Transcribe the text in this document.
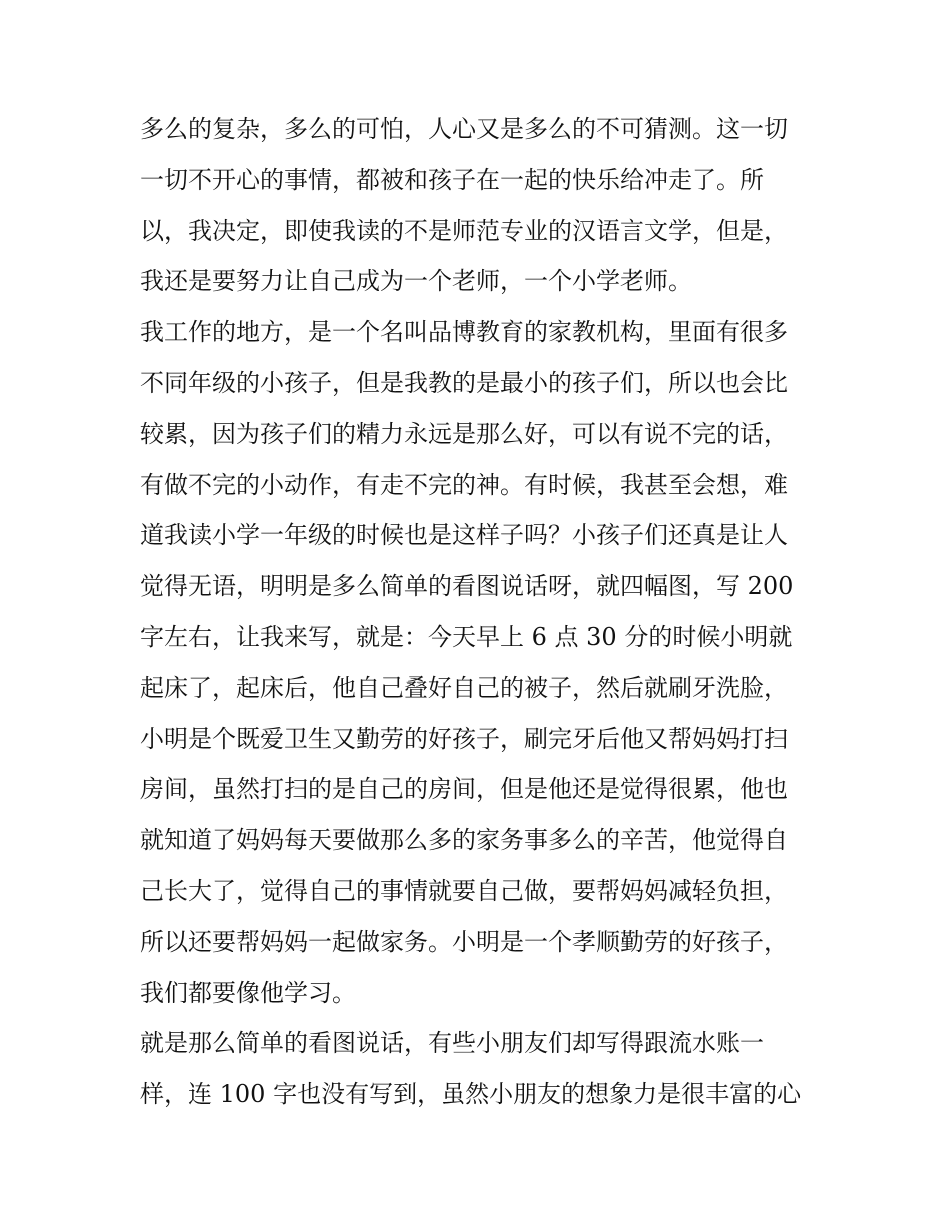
多么的复杂，多么的可怕，人心又是多么的不可猜测。这一切
一切不开心的事情，都被和孩子在一起的快乐给冲走了。所
以，我决定，即使我读的不是师范专业的汉语言文学，但是，
我还是要努力让自己成为一个老师，一个小学老师。
我工作的地方，是一个名叫品博教育的家教机构，里面有很多
不同年级的小孩子，但是我教的是最小的孩子们，所以也会比
较累，因为孩子们的精力永远是那么好，可以有说不完的话，
有做不完的小动作，有走不完的神。有时候，我甚至会想，难
道我读小学一年级的时候也是这样子吗？小孩子们还真是让人
觉得无语，明明是多么简单的看图说话呀，就四幅图，写 200
字左右，让我来写，就是：今天早上 6 点 30 分的时候小明就
起床了，起床后，他自己叠好自己的被子，然后就刷牙洗脸，
小明是个既爱卫生又勤劳的好孩子，刷完牙后他又帮妈妈打扫
房间，虽然打扫的是自己的房间，但是他还是觉得很累，他也
就知道了妈妈每天要做那么多的家务事多么的辛苦，他觉得自
己长大了，觉得自己的事情就要自己做，要帮妈妈减轻负担，
所以还要帮妈妈一起做家务。小明是一个孝顺勤劳的好孩子，
我们都要像他学习。
就是那么简单的看图说话，有些小朋友们却写得跟流水账一
样，连 100 字也没有写到，虽然小朋友的想象力是很丰富的心
